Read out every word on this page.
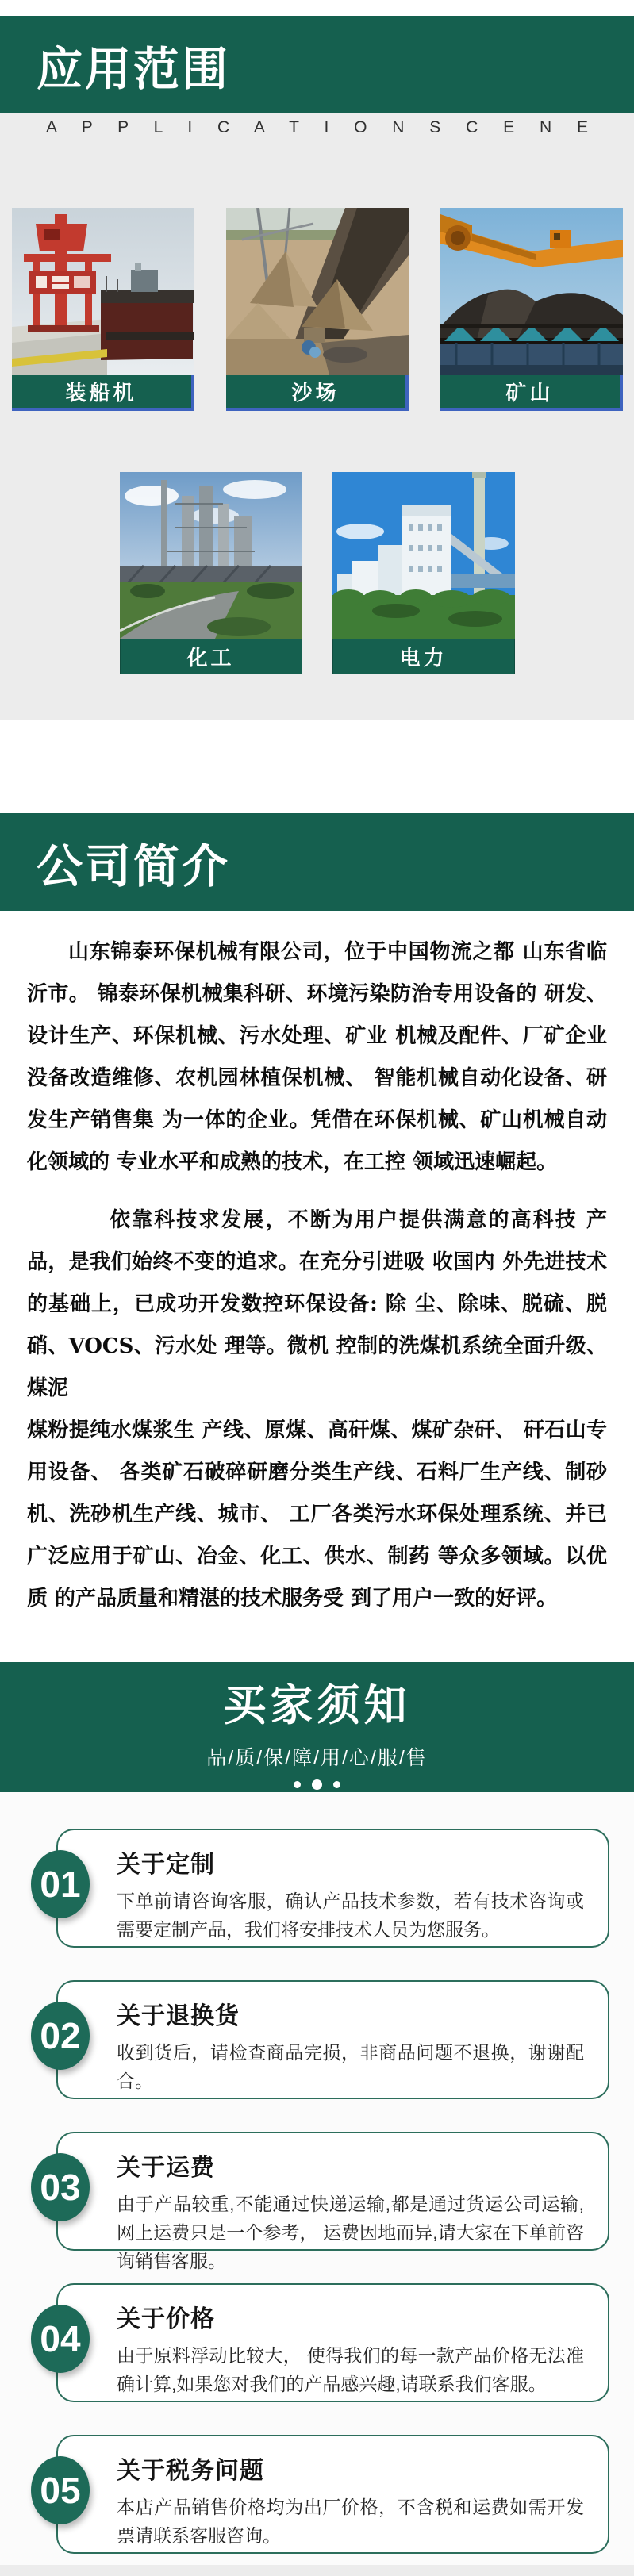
应用范围
A P P L I C A T I O N S C E N E
装船机	沙场	矿山
化工	电力
公司简介

山东锦泰环保机械有限公司，位于中国物流之都 山东省临沂市。 锦泰环保机械集科研、环境污染防治专用设备的 研发、设计生产、环保机械、污水处理、矿业 机械及配件、厂矿企业没备改造维修、农机园林植保机械、 智能机械自动化设备、研发生产销售集 为一体的企业。凭借在环保机械、矿山机械自动化领域的 专业水平和成熟的技术，在工控 领域迅速崛起。

依靠科技求发展，不断为用户提供满意的高科技 产品，是我们始终不变的追求。在充分引进吸 收国内 外先进技术的基础上，已成功开发数控环保设备: 除 尘、除味、脱硫、脱硝、VOCS、污水处 理等。微机 控制的洗煤机系统全面升级、煤泥

煤粉提纯水煤浆生 产线、原煤、高矸煤、煤矿杂矸、 矸石山专用设备、 各类矿石破碎研磨分类生产线、石料厂生产线、制砂 机、洗砂机生产线、城市、 工厂各类污水环保处理系统、并已广泛应用于矿山、冶金、化工、供水、制药 等众多领域。以优质 的产品质量和精湛的技术服务受 到了用户一致的好评。

买家须知
品/质/保/障/用/心/服/售
01	关于定制
下单前请咨询客服，确认产品技术参数，若有技术咨询或需要定制产品，我们将安排技术人员为您服务。
02	关于退换货
收到货后，请检查商品完损，非商品问题不退换，谢谢配合。
03	关于运费
由于产品较重,不能通过快递运输,都是通过货运公司运输,网上运费只是一个参考， 运费因地而异,请大家在下单前咨询销售客服。
04	关于价格
由于原料浮动比较大， 使得我们的每一款产品价格无法准确计算,如果您对我们的产品感兴趣,请联系我们客服。
05	关于税务问题
本店产品销售价格均为出厂价格，不含税和运费如需开发票请联系客服咨询。
